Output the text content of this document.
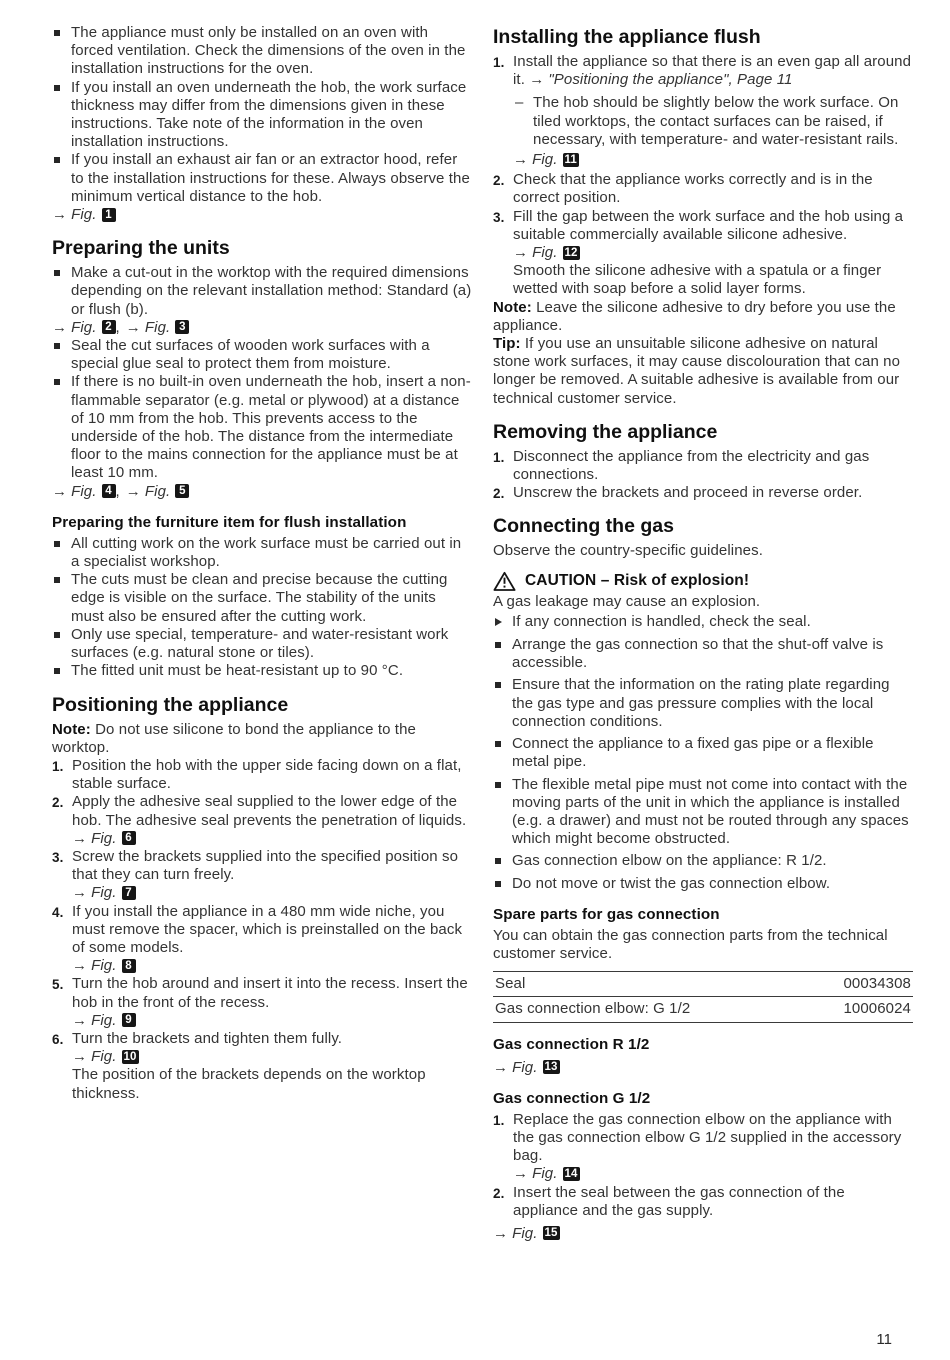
The appliance must only be installed on an oven with forced ventilation. Check the dimensions of the oven in the installation instructions for the oven.
If you install an oven underneath the hob, the work surface thickness may differ from the dimensions given in these instructions. Take note of the information in the oven installation instructions.
If you install an exhaust air fan or an extractor hood, refer to the installation instructions for these. Always observe the minimum vertical distance to the hob.
→ Fig. 1
Preparing the units
Make a cut-out in the worktop with the required dimensions depending on the relevant installation method: Standard (a) or flush (b).
→ Fig. 2 , → Fig. 3
Seal the cut surfaces of wooden work surfaces with a special glue seal to protect them from moisture.
If there is no built-in oven underneath the hob, insert a non-flammable separator (e.g. metal or plywood) at a distance of 10 mm from the hob. This prevents access to the underside of the hob. The distance from the intermediate floor to the mains connection for the appliance must be at least 10 mm.
→ Fig. 4 , → Fig. 5
Preparing the furniture item for flush installation
All cutting work on the work surface must be carried out in a specialist workshop.
The cuts must be clean and precise because the cutting edge is visible on the surface. The stability of the units must also be ensured after the cutting work.
Only use special, temperature- and water-resistant work surfaces (e.g. natural stone or tiles).
The fitted unit must be heat-resistant up to 90 °C.
Positioning the appliance

Note: Do not use silicone to bond the appliance to the worktop.

1. Position the hob with the upper side facing down on a flat, stable surface.
2. Apply the adhesive seal supplied to the lower edge of the hob. The adhesive seal prevents the penetration of liquids.
→ Fig. 6
3. Screw the brackets supplied into the specified position so that they can turn freely.
→ Fig. 7
4. If you install the appliance in a 480 mm wide niche, you must remove the spacer, which is preinstalled on the back of some models.
→ Fig. 8
5. Turn the hob around and insert it into the recess. Insert the hob in the front of the recess.
→ Fig. 9
6. Turn the brackets and tighten them fully.
→ Fig. 10
The position of the brackets depends on the worktop thickness.
Installing the appliance flush
1. Install the appliance so that there is an even gap all around it. → "Positioning the appliance", Page 11
– The hob should be slightly below the work surface. On tiled worktops, the contact surfaces can be raised, if necessary, with temperature- and water-resistant rails.
→ Fig. 11
2. Check that the appliance works correctly and is in the correct position.
3. Fill the gap between the work surface and the hob using a suitable commercially available silicone adhesive.
→ Fig. 12
Smooth the silicone adhesive with a spatula or a finger wetted with soap before a solid layer forms.

Note: Leave the silicone adhesive to dry before you use the appliance.

Tip: If you use an unsuitable silicone adhesive on natural stone work surfaces, it may cause discolouration that can no longer be removed. A suitable adhesive is available from our technical customer service.

Removing the appliance
1. Disconnect the appliance from the electricity and gas connections.
2. Unscrew the brackets and proceed in reverse order.
Connecting the gas

Observe the country-specific guidelines.

CAUTION – Risk of explosion!

A gas leakage may cause an explosion.

If any connection is handled, check the seal.
Arrange the gas connection so that the shut-off valve is accessible.
Ensure that the information on the rating plate regarding the gas type and gas pressure complies with the local connection conditions.
Connect the appliance to a fixed gas pipe or a flexible metal pipe.
The flexible metal pipe must not come into contact with the moving parts of the unit in which the appliance is installed (e.g. a drawer) and must not be routed through any spaces which might become obstructed.
Gas connection elbow on the appliance: R 1/2.
Do not move or twist the gas connection elbow.
Spare parts for gas connection

You can obtain the gas connection parts from the technical customer service.

Seal	00034308
Gas connection elbow: G 1/2	10006024
Gas connection R 1/2
→ Fig. 13
Gas connection G 1/2
1. Replace the gas connection elbow on the appliance with the gas connection elbow G 1/2 supplied in the accessory bag.
→ Fig. 14
2. Insert the seal between the gas connection of the appliance and the gas supply.
→ Fig. 15
11
